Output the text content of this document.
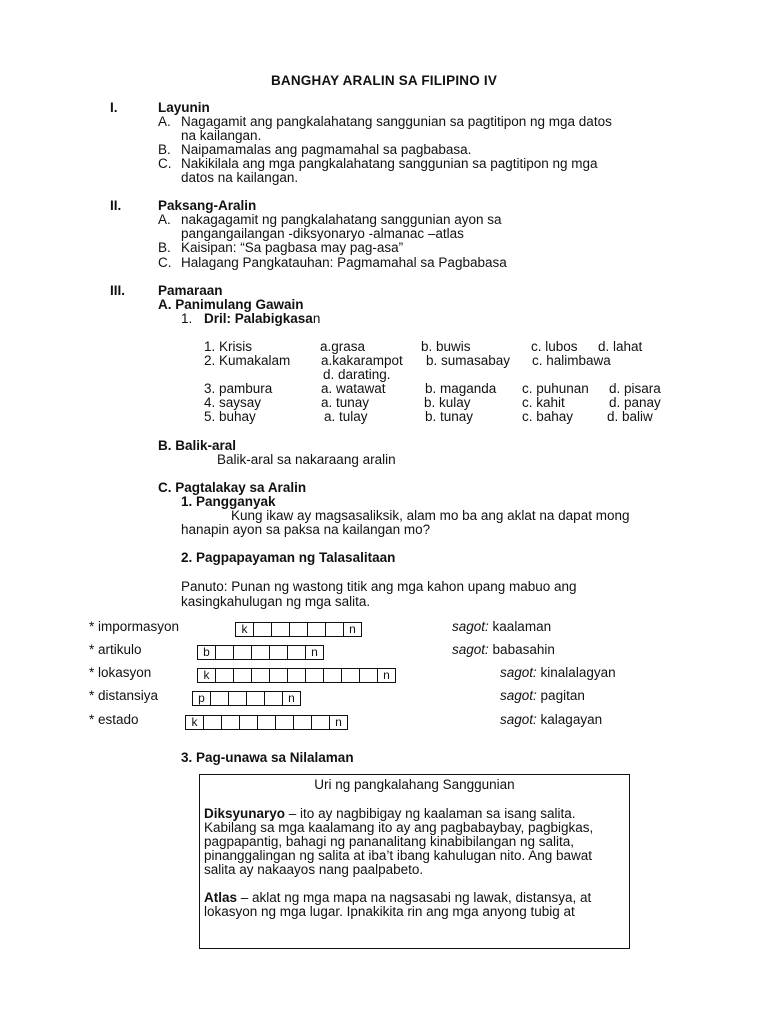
BANGHAY ARALIN SA FILIPINO IV
I.	Layunin
A. Nagagamit ang pangkalahatang sanggunian sa pagtitipon ng mga datos
na kailangan.
B. Naipamamalas ang pagmamahal sa pagbabasa.
C. Nakikilala ang mga pangkalahatang sanggunian sa pagtitipon ng mga
datos na kailangan.
II.	Paksang-Aralin
A. nakagagamit ng pangkalahatang sanggunian ayon sa
pangangailangan -diksyonaryo -almanac –atlas
B. Kaisipan: “Sa pagbasa may pag-asa”
C. Halagang Pangkatauhan: Pagmamahal sa Pagbabasa
III. Pamaraan
A. Panimulang Gawain
1. Dril: Palabigkasan
1. Krisis	a.grasa	b. buwis	c. lubos d. lahat
2. Kumakalam a.kakarampot b. sumasabay c. halimbawa
d. darating.
3. pambura	a. watawat	b. maganda c. puhunan d. pisara
4. saysay	a. tunay	b. kulay	c. kahit	d. panay
5. buhay	a. tulay	b. tunay	c. bahay	d. baliw
B. Balik-aral
Balik-aral sa nakaraang aralin
C. Pagtalakay sa Aralin
1. Pangganyak
Kung ikaw ay magsasaliksik, alam mo ba ang aklat na dapat mong
hanapin ayon sa paksa na kailangan mo?
2. Pagpapayaman ng Talasalitaan
Panuto: Punan ng wastong titik ang mga kahon upang mabuo ang
kasingkahulugan ng mga salita.
* impormasyon	k	n	sagot: kaalaman
* artikulo	b	n	sagot: babasahin
* lokasyon	k	n	sagot: kinalalagyan
* distansiya	p	n	sagot: pagitan
* estado	k	n	sagot: kalagayan
3. Pag-unawa sa Nilalaman
Uri ng pangkalahang Sanggunian
Diksyunaryo – ito ay nagbibigay ng kaalaman sa isang salita.
Kabilang sa mga kaalamang ito ay ang pagbabaybay, pagbigkas,
pagpapantig, bahagi ng pananalitang kinabibilangan ng salita,
pinanggalingan ng salita at iba’t ibang kahulugan nito. Ang bawat
salita ay nakaayos nang paalpabeto.
Atlas – aklat ng mga mapa na nagsasabi ng lawak, distansya, at
lokasyon ng mga lugar. Ipnakikita rin ang mga anyong tubig at
